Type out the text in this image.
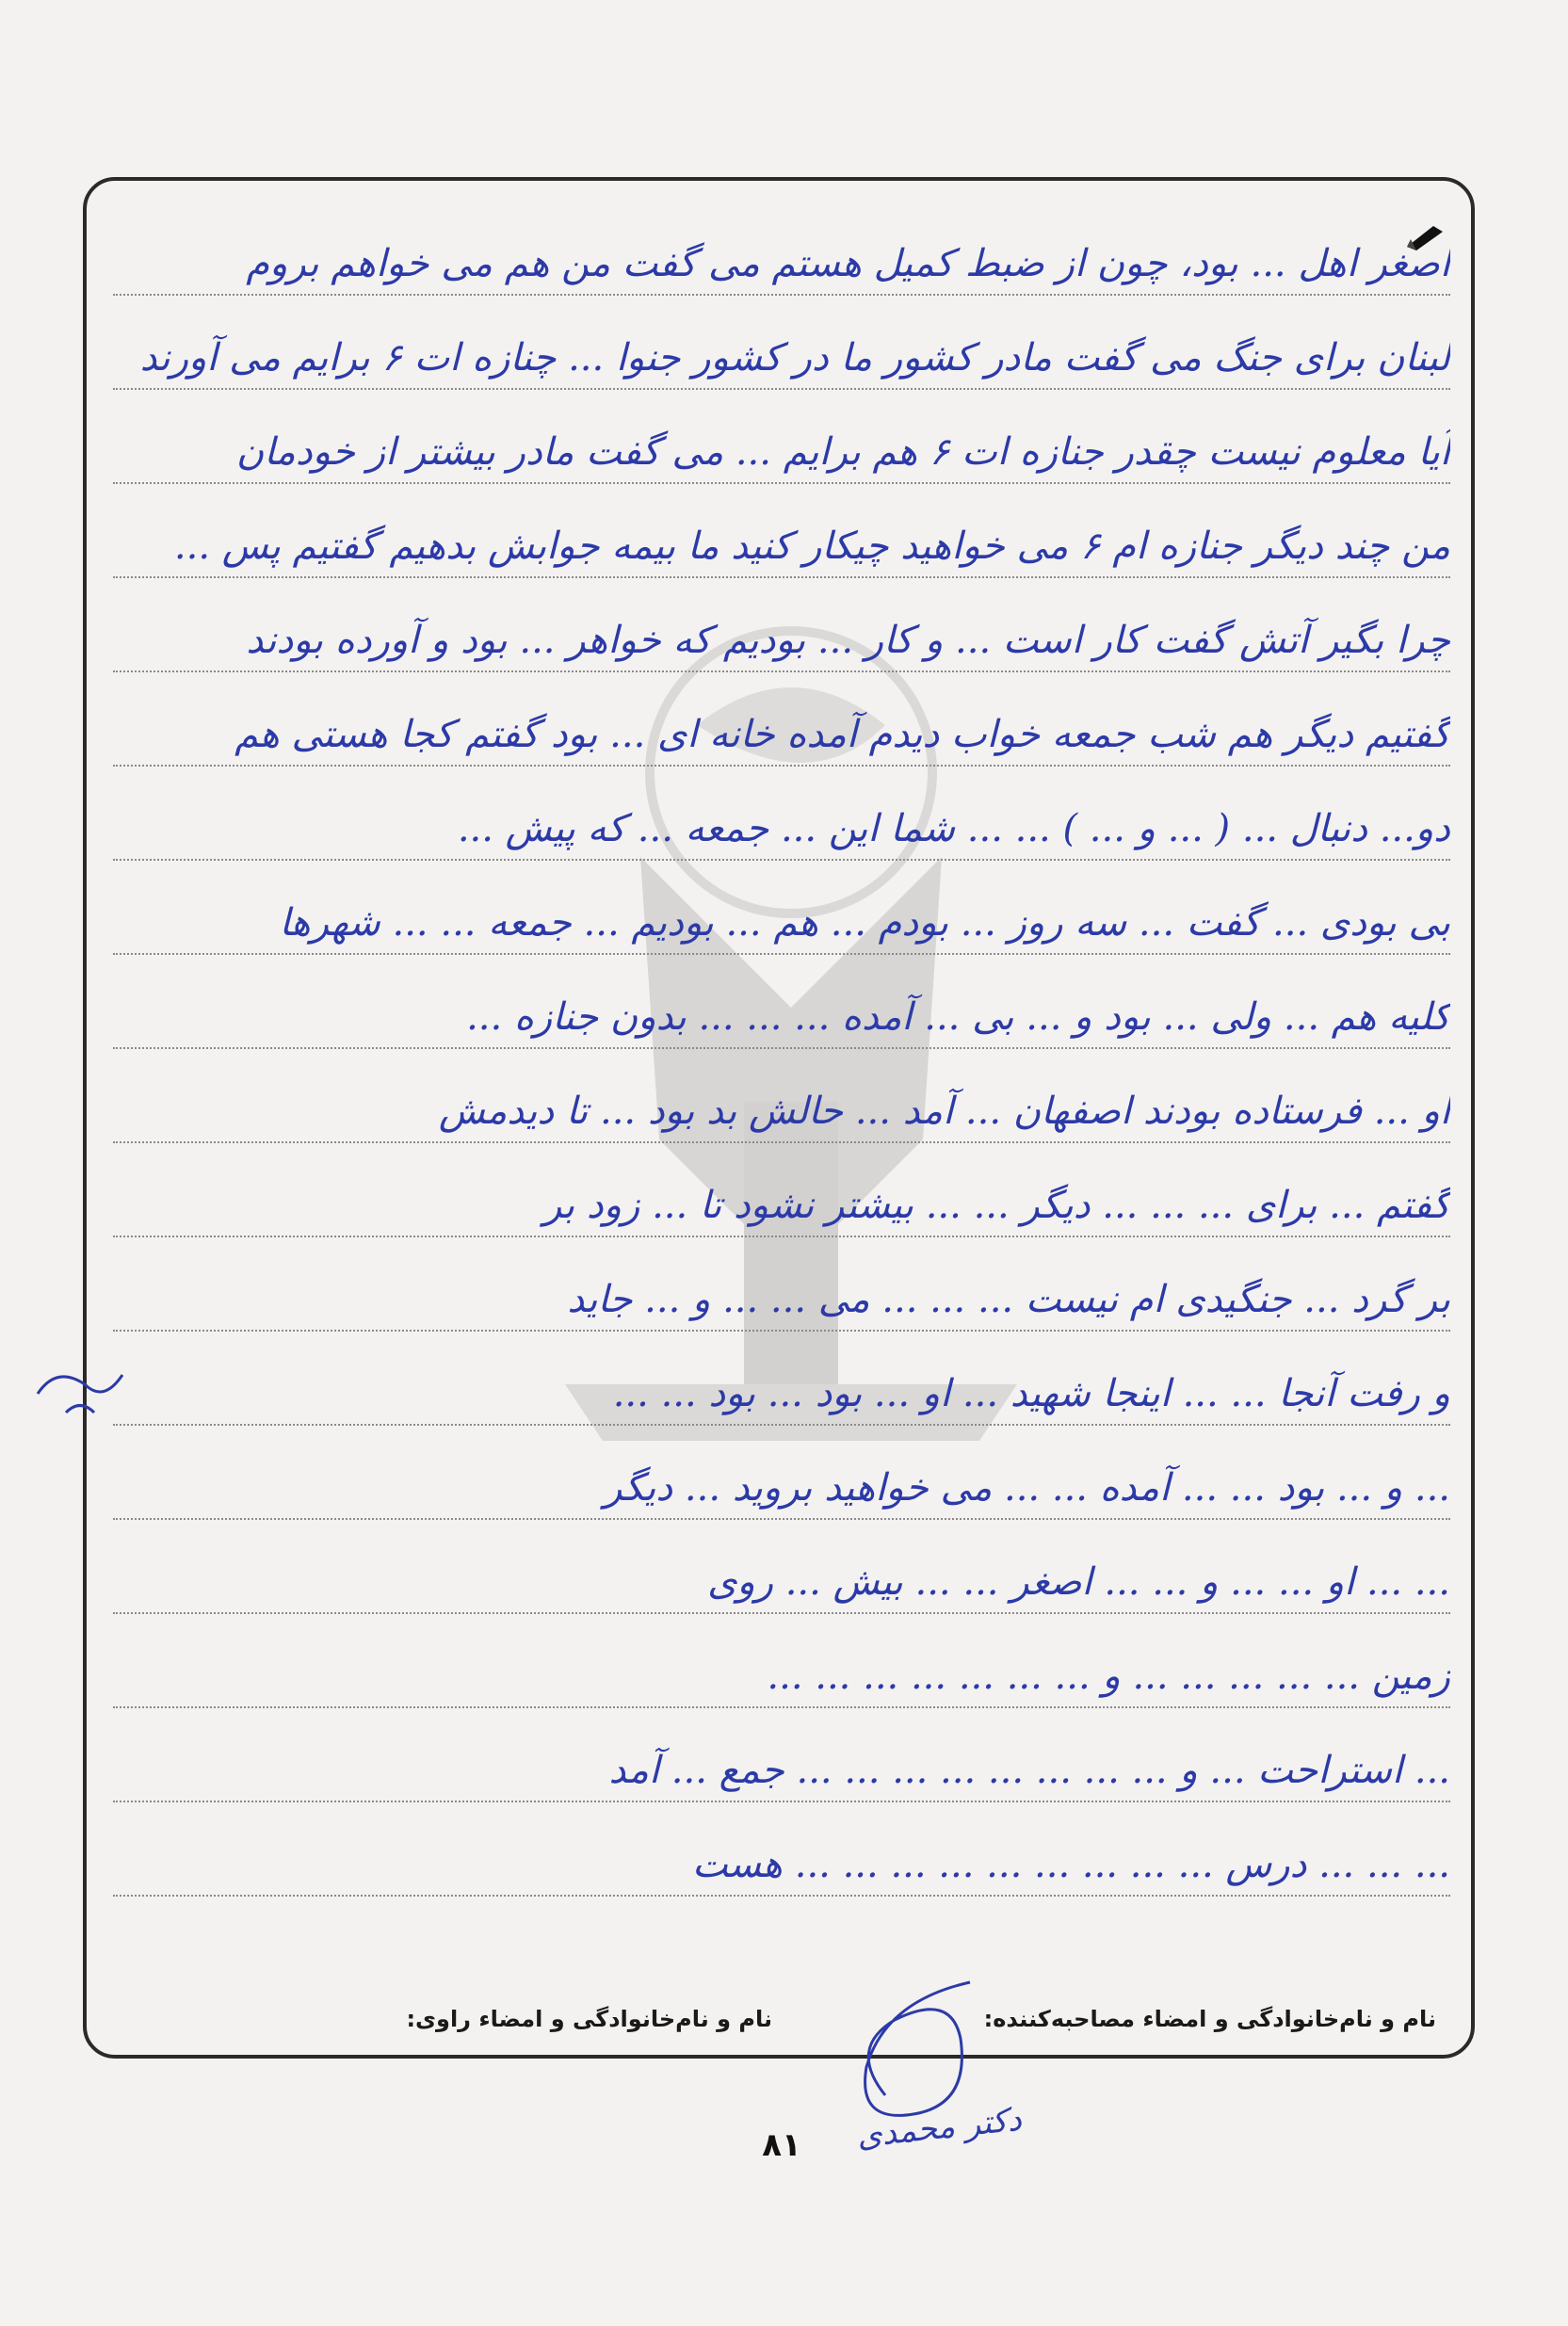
اصغر اهل ... بود، چون از ضبط کمیل هستم می گفت من هم می خواهم بروم
لبنان برای جنگ می گفت مادر کشور ما در کشور جنوا ... چنازه ات ۶ برایم می آورند
آیا معلوم نیست چقدر جنازه ات ۶ هم برایم ... می گفت مادر بیشتر از خودمان
من چند دیگر جنازه ام ۶ می خواهید چیکار کنید ما بیمه جوابش بدهیم گفتیم پس ...
چرا بگیر آتش گفت کار است ... و کار ... بودیم که خواهر ... بود و آورده بودند
گفتیم دیگر هم شب جمعه خواب دیدم آمده خانه ای ... بود گفتم کجا هستی هم
دو... دنبال ... ( ... و ... ) ... ... شما این ... جمعه ... که پیش ...
بی بودی ... گفت ... سه روز ... بودم ... هم ... بودیم ... جمعه ... ... شهرها
کلیه هم ... ولی ... بود و ... بی ... آمده ... ... ... بدون جنازه ...
او ... فرستاده بودند اصفهان ... آمد ... حالش بد بود ... تا دیدمش
گفتم ... برای ... ... ... دیگر ... ... بیشتر نشود تا ... زود بر
بر گرد ... جنگیدی ام نیست ... ... ... می ... ... و ... جاید
و رفت آنجا ... ... اینجا شهید ... او ... بود ... بود ... ...
... و ... بود ... ... آمده ... ... می خواهید بروید ... دیگر
... ... او ... ... و ... ... اصغر ... ... بیش ... روی
زمین ... ... ... ... ... و ... ... ... ... ... ... ...
... استراحت ... و ... ... ... ... ... ... ... ... جمع ... آمد
... ... ... درس ... ... ... ... ... ... ... ... ... هست
نام و نام‌خانوادگی و امضاء مصاحبه‌کننده:
نام و نام‌خانوادگی و امضاء راوی:
دکتر محمدی
۸۱
